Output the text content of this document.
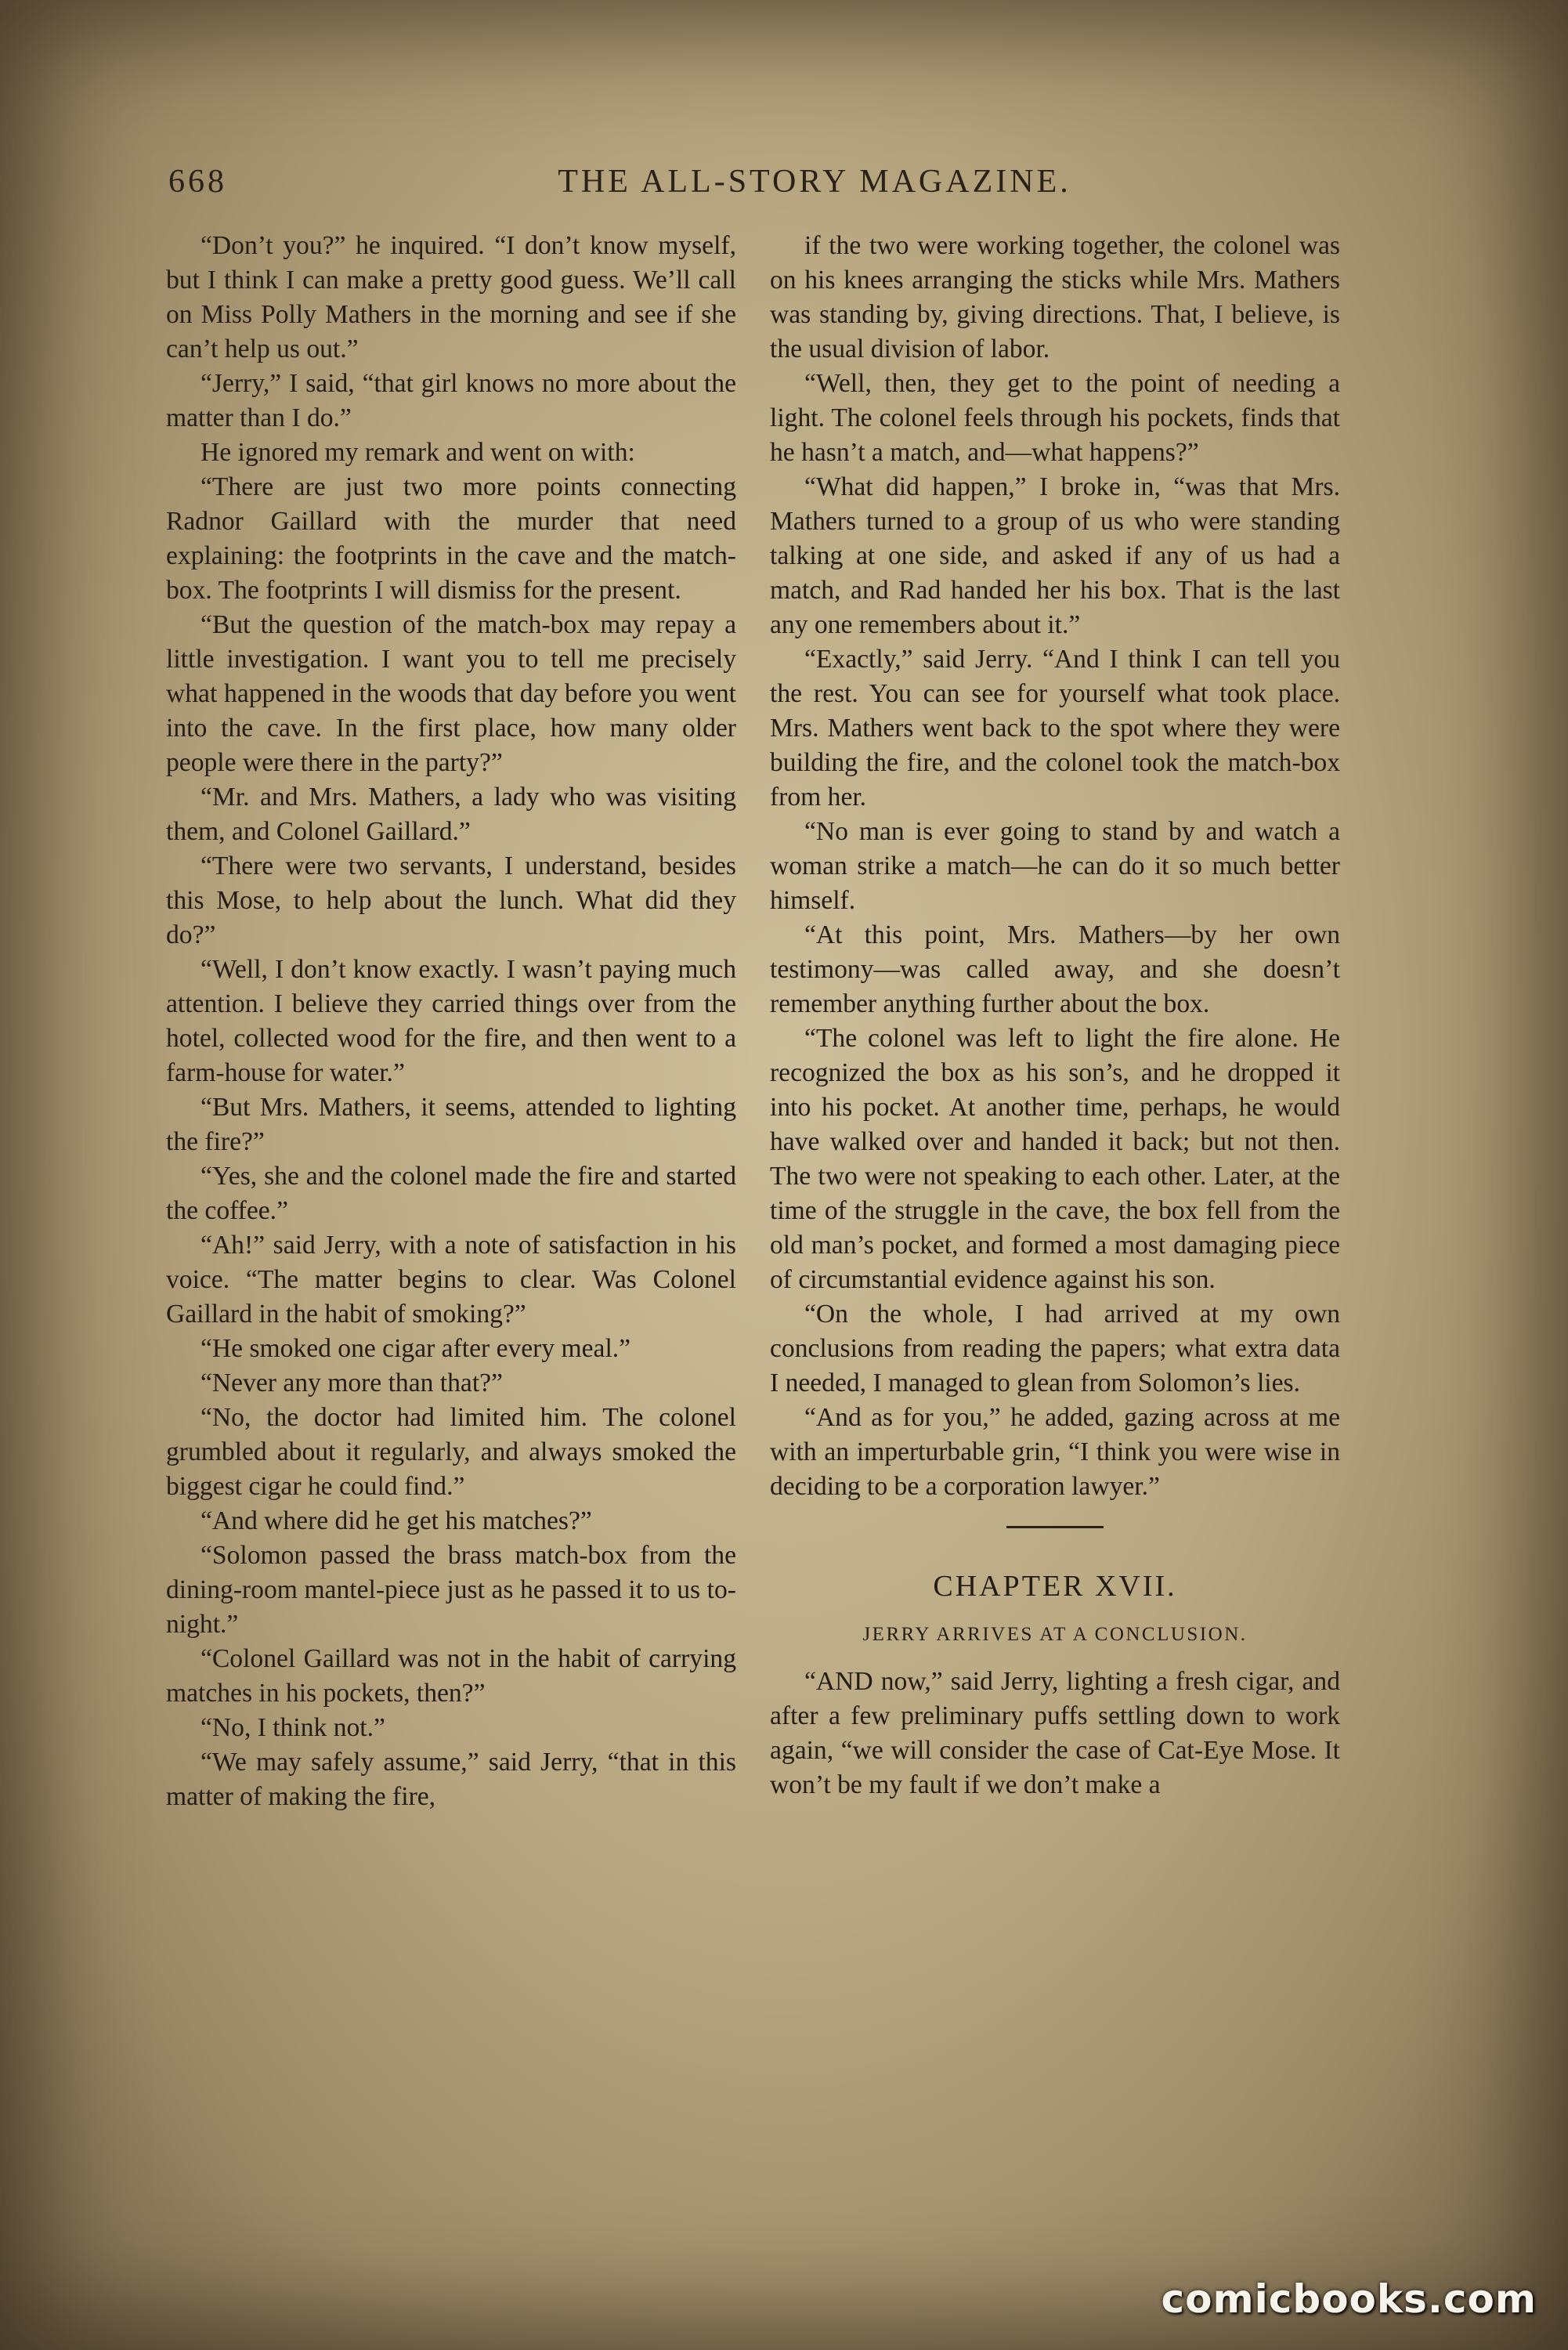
668	THE ALL-STORY MAGAZINE.

“Don’t you?” he inquired. “I don’t know myself, but I think I can make a pretty good guess. We’ll call on Miss Polly Mathers in the morning and see if she can’t help us out.”

“Jerry,” I said, “that girl knows no more about the matter than I do.”

He ignored my remark and went on with:

“There are just two more points connecting Radnor Gaillard with the murder that need explaining: the footprints in the cave and the match-box. The footprints I will dismiss for the present.

“But the question of the match-box may repay a little investigation. I want you to tell me precisely what happened in the woods that day before you went into the cave. In the first place, how many older people were there in the party?”

“Mr. and Mrs. Mathers, a lady who was visiting them, and Colonel Gaillard.”

“There were two servants, I understand, besides this Mose, to help about the lunch. What did they do?”

“Well, I don’t know exactly. I wasn’t paying much attention. I believe they carried things over from the hotel, collected wood for the fire, and then went to a farm-house for water.”

“But Mrs. Mathers, it seems, attended to lighting the fire?”

“Yes, she and the colonel made the fire and started the coffee.”

“Ah!” said Jerry, with a note of satisfaction in his voice. “The matter begins to clear. Was Colonel Gaillard in the habit of smoking?”

“He smoked one cigar after every meal.”

“Never any more than that?”

“No, the doctor had limited him. The colonel grumbled about it regularly, and always smoked the biggest cigar he could find.”

“And where did he get his matches?”

“Solomon passed the brass match-box from the dining-room mantel-piece just as he passed it to us to-night.”

“Colonel Gaillard was not in the habit of carrying matches in his pockets, then?”

“No, I think not.”

“We may safely assume,” said Jerry, “that in this matter of making the fire,

if the two were working together, the colonel was on his knees arranging the sticks while Mrs. Mathers was standing by, giving directions. That, I believe, is the usual division of labor.

“Well, then, they get to the point of needing a light. The colonel feels through his pockets, finds that he hasn’t a match, and—what happens?”

“What did happen,” I broke in, “was that Mrs. Mathers turned to a group of us who were standing talking at one side, and asked if any of us had a match, and Rad handed her his box. That is the last any one remembers about it.”

“Exactly,” said Jerry. “And I think I can tell you the rest. You can see for yourself what took place. Mrs. Mathers went back to the spot where they were building the fire, and the colonel took the match-box from her.

“No man is ever going to stand by and watch a woman strike a match—he can do it so much better himself.

“At this point, Mrs. Mathers—by her own testimony—was called away, and she doesn’t remember anything further about the box.

“The colonel was left to light the fire alone. He recognized the box as his son’s, and he dropped it into his pocket. At another time, perhaps, he would have walked over and handed it back; but not then. The two were not speaking to each other. Later, at the time of the struggle in the cave, the box fell from the old man’s pocket, and formed a most damaging piece of circumstantial evidence against his son.

“On the whole, I had arrived at my own conclusions from reading the papers; what extra data I needed, I managed to glean from Solomon’s lies.

“And as for you,” he added, gazing across at me with an imperturbable grin, “I think you were wise in deciding to be a corporation lawyer.”

CHAPTER XVII.
JERRY ARRIVES AT A CONCLUSION.

“AND now,” said Jerry, lighting a fresh cigar, and after a few preliminary puffs settling down to work again, “we will consider the case of Cat-Eye Mose. It won’t be my fault if we don’t make a

comicbooks.com
